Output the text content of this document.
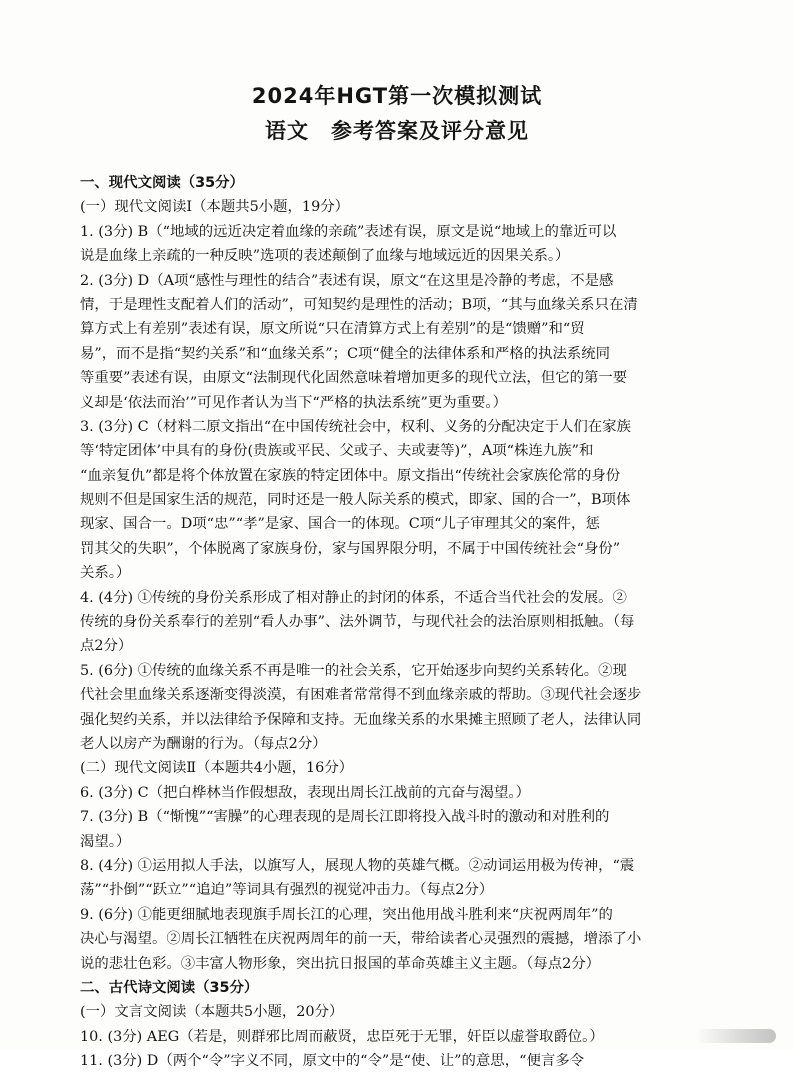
2024年HGT第一次模拟测试
语文　参考答案及评分意见
一、现代文阅读（35分）
(一）现代文阅读Ⅰ（本题共5小题，19分）
1. (3分) B（“地域的远近决定着血缘的亲疏”表述有误，原文是说“地域上的靠近可以
说是血缘上亲疏的一种反映”选项的表述颠倒了血缘与地域远近的因果关系。）
2. (3分) D（A项“感性与理性的结合”表述有误，原文“在这里是冷静的考虑，不是感
情，于是理性支配着人们的活动”，可知契约是理性的活动；B项，“其与血缘关系只在清
算方式上有差别”表述有误，原文所说“只在清算方式上有差别”的是“馈赠”和“贸
易”，而不是指“契约关系”和“血缘关系”；C项“健全的法律体系和严格的执法系统同
等重要”表述有误，由原文“法制现代化固然意味着增加更多的现代立法，但它的第一要
义却是‘依法而治’”可见作者认为当下“严格的执法系统”更为重要。）
3. (3分) C（材料二原文指出“在中国传统社会中，权利、义务的分配决定于人们在家族
等‘特定团体’中具有的身份(贵族或平民、父或子、夫或妻等)”，A项“株连九族”和
“血亲复仇”都是将个体放置在家族的特定团体中。原文指出“传统社会家族伦常的身份
规则不但是国家生活的规范，同时还是一般人际关系的模式，即家、国的合一”，B项体
现家、国合一。D项“忠”“孝”是家、国合一的体现。C项“儿子审理其父的案件，惩
罚其父的失职”，个体脱离了家族身份，家与国界限分明，不属于中国传统社会“身份”
关系。）
4. (4分) ①传统的身份关系形成了相对静止的封闭的体系，不适合当代社会的发展。②
传统的身份关系奉行的差别“看人办事”、法外调节，与现代社会的法治原则相抵触。（每
点2分）
5. (6分) ①传统的血缘关系不再是唯一的社会关系，它开始逐步向契约关系转化。②现
代社会里血缘关系逐渐变得淡漠，有困难者常常得不到血缘亲戚的帮助。③现代社会逐步
强化契约关系，并以法律给予保障和支持。无血缘关系的水果摊主照顾了老人，法律认同
老人以房产为酬谢的行为。（每点2分）
(二）现代文阅读Ⅱ（本题共4小题，16分）
6. (3分) C（把白桦林当作假想敌，表现出周长江战前的亢奋与渴望。）
7. (3分) B（“惭愧”“害臊”的心理表现的是周长江即将投入战斗时的激动和对胜利的
渴望。）
8. (4分) ①运用拟人手法，以旗写人，展现人物的英雄气概。②动词运用极为传神，“震
荡”“扑倒”“跃立”“追迫”等词具有强烈的视觉冲击力。（每点2分）
9. (6分) ①能更细腻地表现旗手周长江的心理，突出他用战斗胜利来“庆祝两周年”的
决心与渴望。②周长江牺牲在庆祝两周年的前一天，带给读者心灵强烈的震撼，增添了小
说的悲壮色彩。③丰富人物形象，突出抗日报国的革命英雄主义主题。（每点2分）
二、古代诗文阅读（35分）
(一）文言文阅读（本题共5小题，20分）
10. (3分) AEG（若是，则群邪比周而蔽贤，忠臣死于无罪，奸臣以虚誉取爵位。）
11. (3分) D（两个“令”字义不同，原文中的“令”是“使、让”的意思，“便言多令
